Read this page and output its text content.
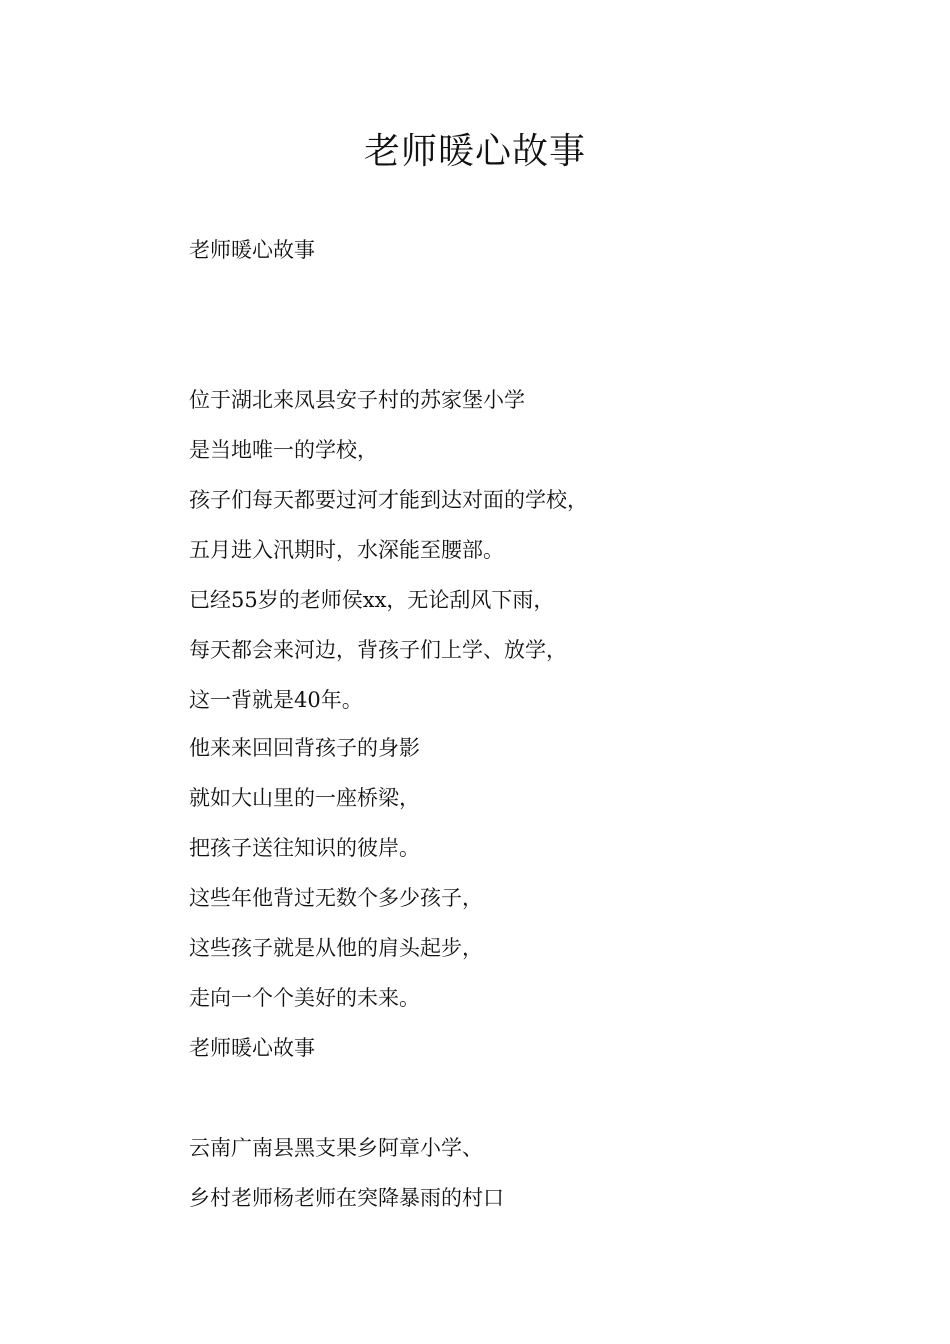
老师暖心故事
老师暖心故事
位于湖北来凤县安子村的苏家堡小学
是当地唯一的学校，
孩子们每天都要过河才能到达对面的学校，
五月进入汛期时，水深能至腰部。
已经55岁的老师侯xx，无论刮风下雨，
每天都会来河边，背孩子们上学、放学，
这一背就是40年。
他来来回回背孩子的身影
就如大山里的一座桥梁，
把孩子送往知识的彼岸。
这些年他背过无数个多少孩子，
这些孩子就是从他的肩头起步，
走向一个个美好的未来。
老师暖心故事
云南广南县黑支果乡阿章小学、
乡村老师杨老师在突降暴雨的村口
